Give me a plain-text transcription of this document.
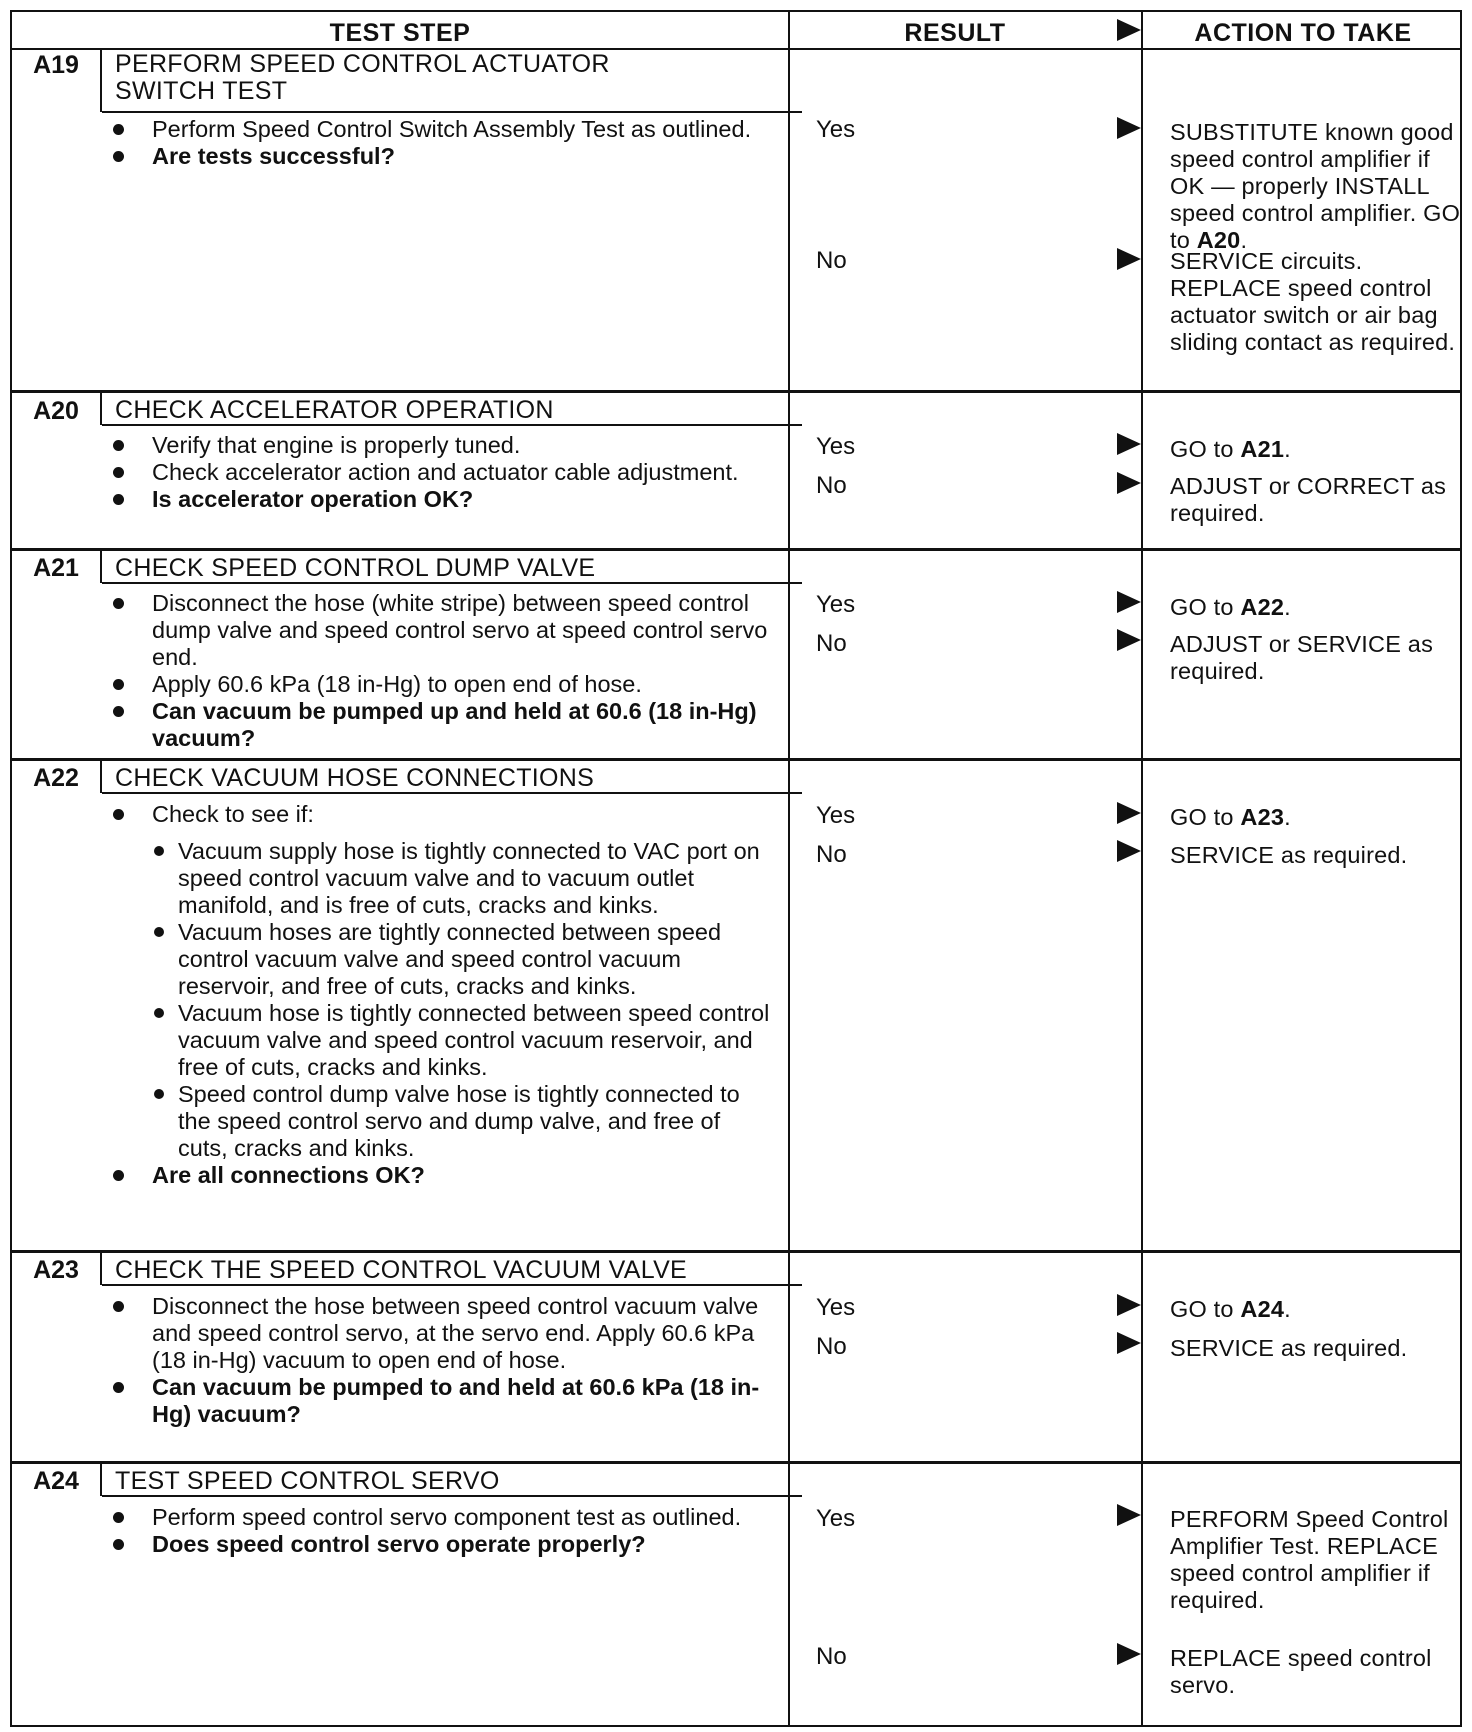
TEST STEP	RESULT	ACTION TO TAKE
A19	PERFORM SPEED CONTROL ACTUATOR SWITCH TEST
Perform Speed Control Switch Assembly Test as outlined.
Are tests successful?
Yes	SUBSTITUTE known good speed control amplifier if OK — properly INSTALL speed control amplifier. GO to A20.
No	SERVICE circuits. REPLACE speed control actuator switch or air bag sliding contact as required.
A20	CHECK ACCELERATOR OPERATION
Verify that engine is properly tuned.
Check accelerator action and actuator cable adjustment.
Is accelerator operation OK?
Yes	GO to A21.
No	ADJUST or CORRECT as required.
A21	CHECK SPEED CONTROL DUMP VALVE
Disconnect the hose (white stripe) between speed control dump valve and speed control servo at speed control servo end.
Apply 60.6 kPa (18 in-Hg) to open end of hose.
Can vacuum be pumped up and held at 60.6 (18 in-Hg) vacuum?
Yes	GO to A22.
No	ADJUST or SERVICE as required.
A22	CHECK VACUUM HOSE CONNECTIONS
Check to see if:
Vacuum supply hose is tightly connected to VAC port on speed control vacuum valve and to vacuum outlet manifold, and is free of cuts, cracks and kinks.
Vacuum hoses are tightly connected between speed control vacuum valve and speed control vacuum reservoir, and free of cuts, cracks and kinks.
Vacuum hose is tightly connected between speed control vacuum valve and speed control vacuum reservoir, and free of cuts, cracks and kinks.
Speed control dump valve hose is tightly connected to the speed control servo and dump valve, and free of cuts, cracks and kinks.
Are all connections OK?
Yes	GO to A23.
No	SERVICE as required.
A23	CHECK THE SPEED CONTROL VACUUM VALVE
Disconnect the hose between speed control vacuum valve and speed control servo, at the servo end. Apply 60.6 kPa (18 in-Hg) vacuum to open end of hose.
Can vacuum be pumped to and held at 60.6 kPa (18 in-Hg) vacuum?
Yes	GO to A24.
No	SERVICE as required.
A24	TEST SPEED CONTROL SERVO
Perform speed control servo component test as outlined.
Does speed control servo operate properly?
Yes	PERFORM Speed Control Amplifier Test. REPLACE speed control amplifier if required.
No	REPLACE speed control servo.
